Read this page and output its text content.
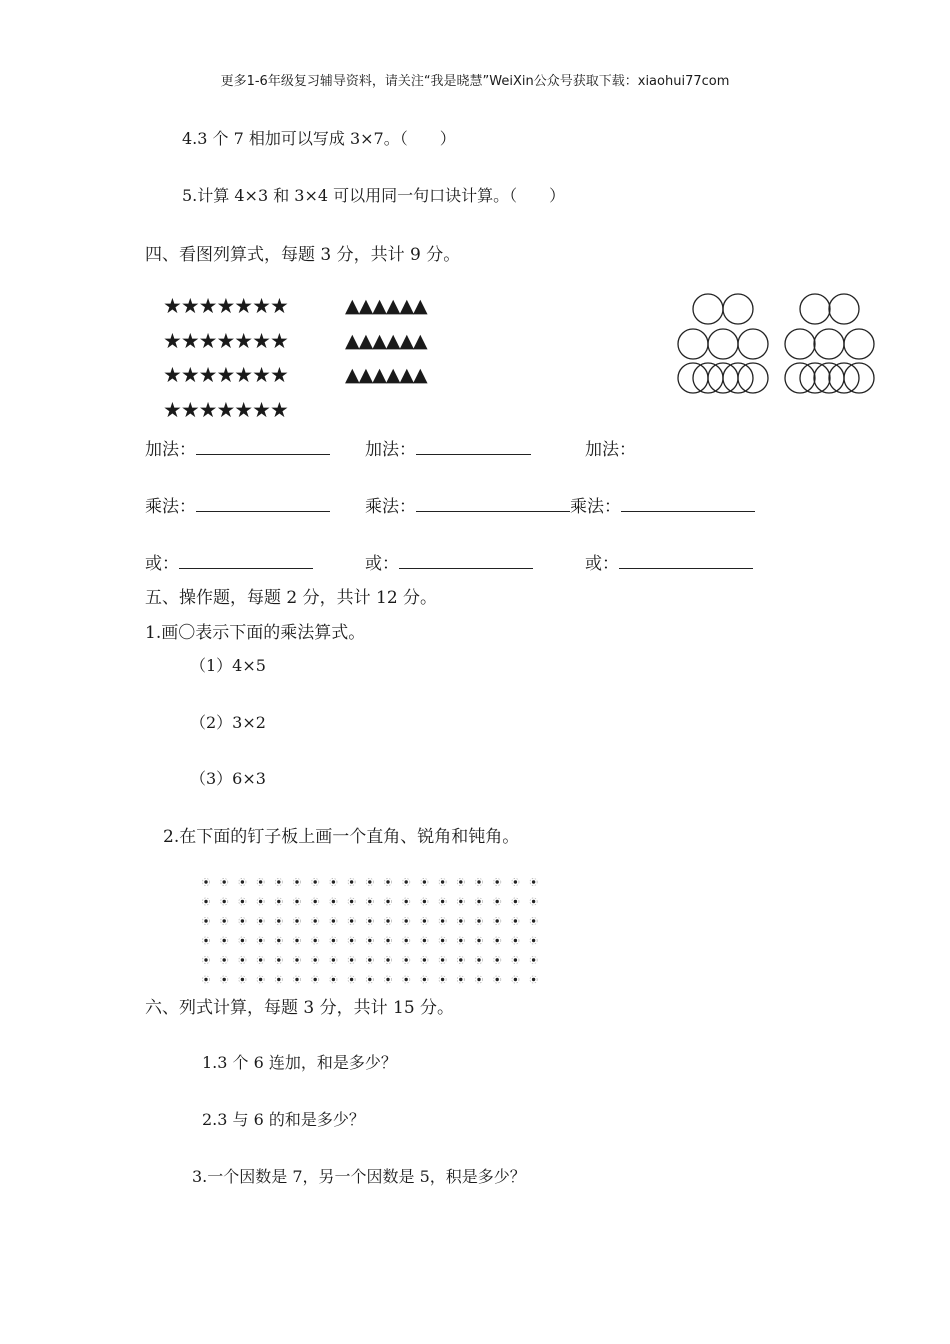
更多1-6年级复习辅导资料，请关注“我是晓慧”WeiXin公众号获取下载：xiaohui77com
4.3 个 7 相加可以写成 3×7。（　　）
5.计算 4×3 和 3×4 可以用同一句口诀计算。（　　）
四、看图列算式，每题 3 分，共计 9 分。
★★★★★★★
★★★★★★★
★★★★★★★
★★★★★★★
▲▲▲▲▲▲
▲▲▲▲▲▲
▲▲▲▲▲▲
加法：	加法：	加法：
乘法：	乘法：	乘法：
或：	或：	或：
五、操作题，每题 2 分，共计 12 分。
1.画〇表示下面的乘法算式。
（1）4×5
（2）3×2
（3）6×3
2.在下面的钉子板上画一个直角、锐角和钝角。
六、列式计算，每题 3 分，共计 15 分。
1.3 个 6 连加，和是多少？
2.3 与 6 的和是多少？
3.一个因数是 7，另一个因数是 5，积是多少？
